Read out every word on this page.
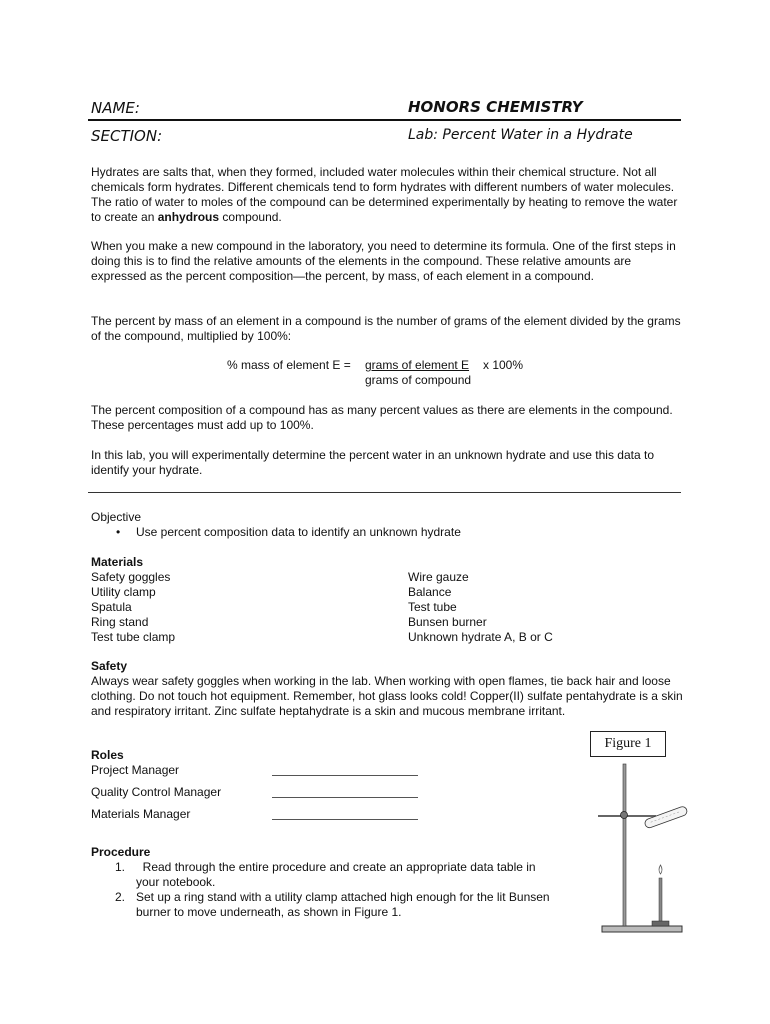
NAME:	HONORS CHEMISTRY
SECTION:	Lab: Percent Water in a Hydrate

Hydrates are salts that, when they formed, included water molecules within their chemical structure. Not all chemicals form hydrates. Different chemicals tend to form hydrates with different numbers of water molecules. The ratio of water to moles of the compound can be determined experimentally by heating to remove the water to create an anhydrous compound.

When you make a new compound in the laboratory, you need to determine its formula. One of the first steps in doing this is to find the relative amounts of the elements in the compound. These relative amounts are expressed as the percent composition—the percent, by mass, of each element in a compound.

The percent by mass of an element in a compound is the number of grams of the element divided by the grams of the compound, multiplied by 100%:

% mass of element E = grams of element E x 100%
grams of compound

The percent composition of a compound has as many percent values as there are elements in the compound. These percentages must add up to 100%.

In this lab, you will experimentally determine the percent water in an unknown hydrate and use this data to identify your hydrate.

Objective
• Use percent composition data to identify an unknown hydrate
Materials
Safety goggles
Utility clamp
Spatula
Ring stand
Test tube clamp
Wire gauze
Balance
Test tube
Bunsen burner
Unknown hydrate A, B or C
Safety

Always wear safety goggles when working in the lab. When working with open flames, tie back hair and loose clothing. Do not touch hot equipment. Remember, hot glass looks cold! Copper(II) sulfate pentahydrate is a skin and respiratory irritant. Zinc sulfate heptahydrate is a skin and mucous membrane irritant.

Roles
Project Manager
Quality Control Manager
Materials Manager
Figure 1
Procedure
1. Read through the entire procedure and create an appropriate data table in
your notebook.
2. Set up a ring stand with a utility clamp attached high enough for the lit Bunsen
burner to move underneath, as shown in Figure 1.
